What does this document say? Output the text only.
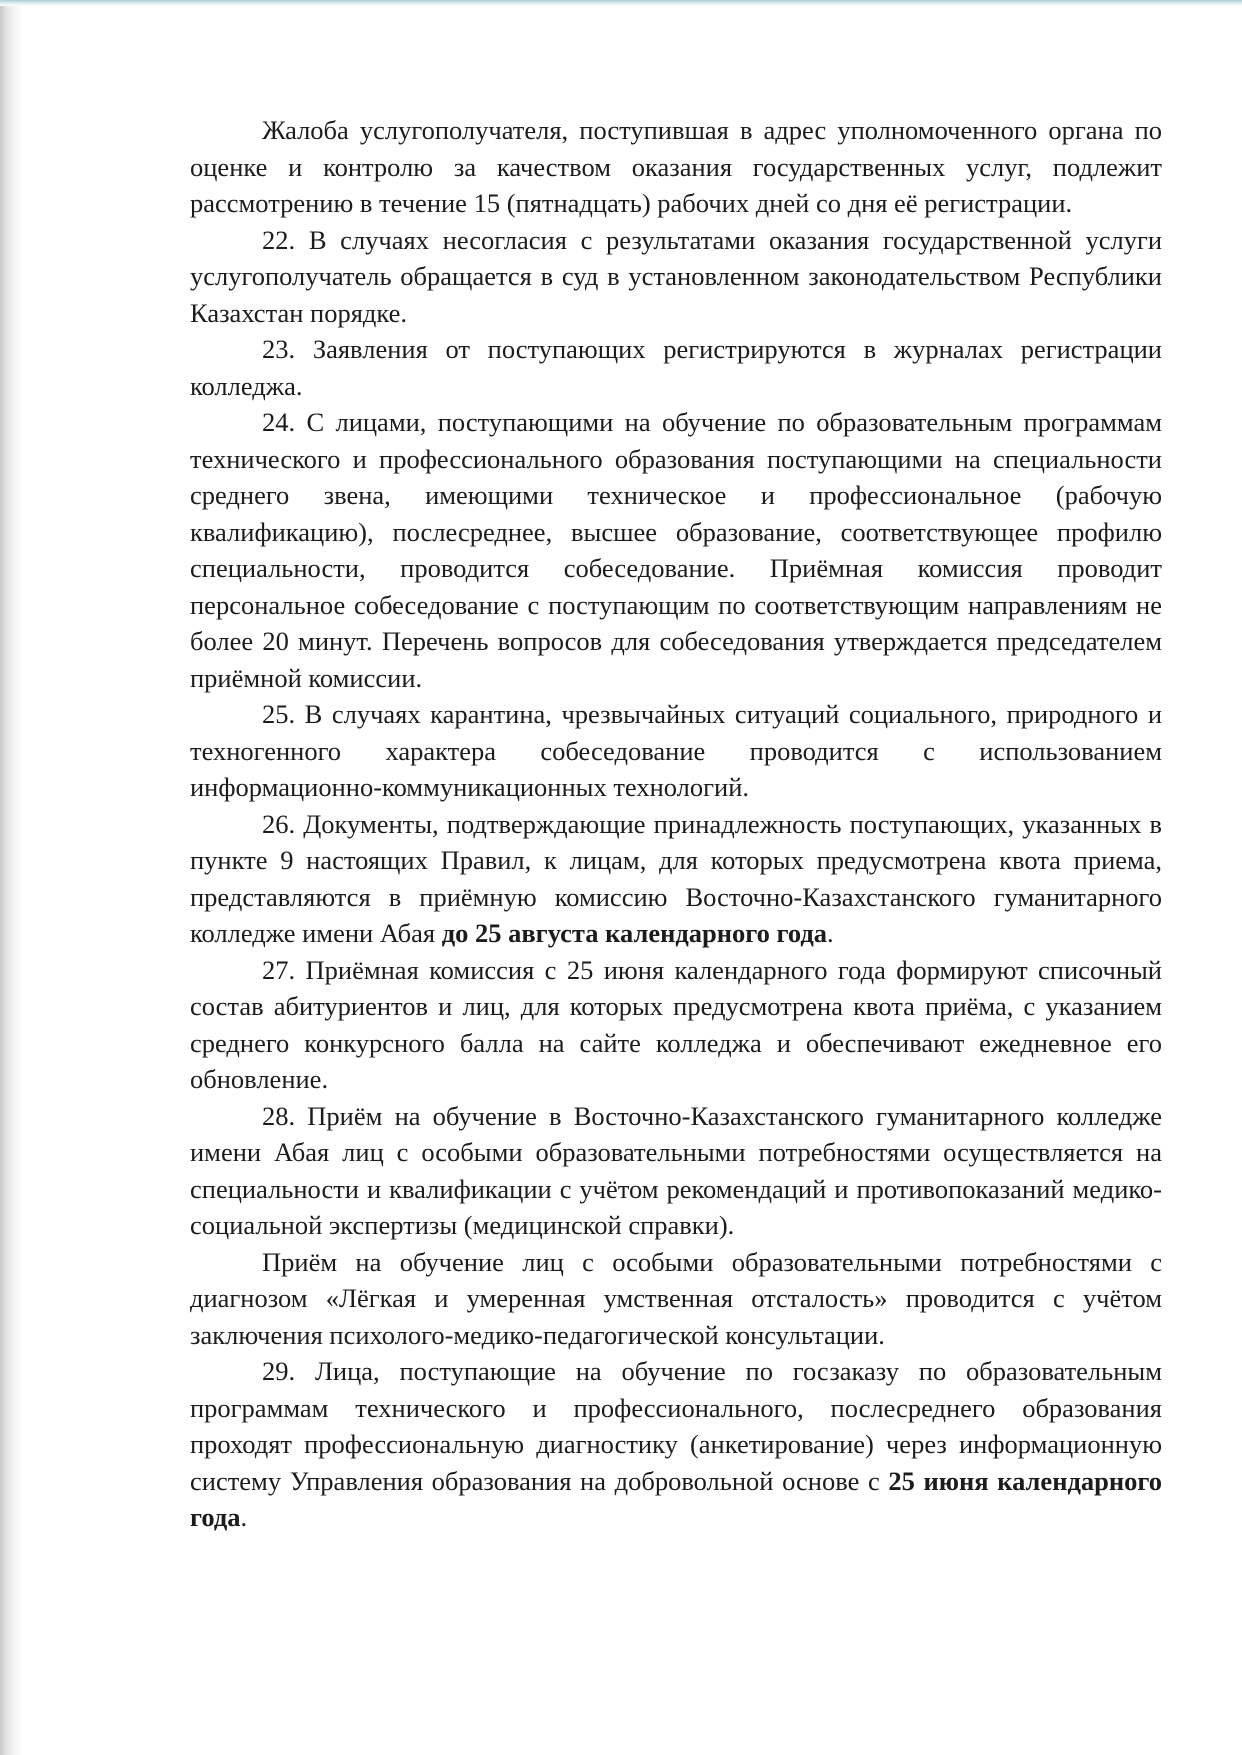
Жалоба услугополучателя, поступившая в адрес уполномоченного органа по оценке и контролю за качеством оказания государственных услуг, подлежит рассмотрению в течение 15 (пятнадцать) рабочих дней со дня её регистрации.

22. В случаях несогласия с результатами оказания государственной услуги услугополучатель обращается в суд в установленном законодательством Республики Казахстан порядке.

23. Заявления от поступающих регистрируются в журналах регистрации колледжа.

24. С лицами, поступающими на обучение по образовательным программам технического и профессионального образования поступающими на специальности среднего звена, имеющими техническое и профессиональное (рабочую квалификацию), послесреднее, высшее образование, соответствующее профилю специальности, проводится собеседование. Приёмная комиссия проводит персональное собеседование с поступающим по соответствующим направлениям не более 20 минут. Перечень вопросов для собеседования утверждается председателем приёмной комиссии.

25. В случаях карантина, чрезвычайных ситуаций социального, природного и техногенного характера собеседование проводится с использованием информационно-коммуникационных технологий.

26. Документы, подтверждающие принадлежность поступающих, указанных в пункте 9 настоящих Правил, к лицам, для которых предусмотрена квота приема, представляются в приёмную комиссию Восточно-Казахстанского гуманитарного колледже имени Абая до 25 августа календарного года.

27. Приёмная комиссия с 25 июня календарного года формируют списочный состав абитуриентов и лиц, для которых предусмотрена квота приёма, с указанием среднего конкурсного балла на сайте колледжа и обеспечивают ежедневное его обновление.

28. Приём на обучение в Восточно-Казахстанского гуманитарного колледже имени Абая лиц с особыми образовательными потребностями осуществляется на специальности и квалификации с учётом рекомендаций и противопоказаний медико-социальной экспертизы (медицинской справки).

Приём на обучение лиц с особыми образовательными потребностями с диагнозом «Лёгкая и умеренная умственная отсталость» проводится с учётом заключения психолого-медико-педагогической консультации.

29. Лица, поступающие на обучение по госзаказу по образовательным программам технического и профессионального, послесреднего образования проходят профессиональную диагностику (анкетирование) через информационную систему Управления образования на добровольной основе с 25 июня календарного года.
